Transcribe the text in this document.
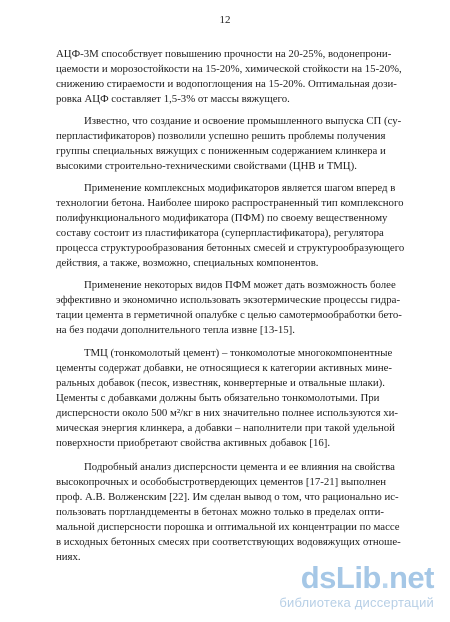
12
АЦФ-3М способствует повышению прочности на 20-25%, водонепрони-
цаемости и морозостойкости на 15-20%, химической стойкости на 15-20%,
снижению стираемости и водопоглощения на 15-20%. Оптимальная дози-
ровка АЦФ составляет 1,5-3% от массы вяжущего.
Известно, что создание и освоение промышленного выпуска СП (су-
перпластификаторов) позволили успешно решить проблемы получения
группы специальных вяжущих с пониженным содержанием клинкера и
высокими строительно-техническими свойствами (ЦНВ и ТМЦ).
Применение комплексных модификаторов является шагом вперед в
технологии бетона. Наиболее широко распространенный тип комплексного
полифункционального модификатора (ПФМ) по своему вещественному
составу состоит из пластификатора (суперпластификатора), регулятора
процесса структурообразования бетонных смесей и структурообразующего
действия, а также, возможно, специальных компонентов.
Применение некоторых видов ПФМ может дать возможность более
эффективно и экономично использовать экзотермические процессы гидра-
тации цемента в герметичной опалубке с целью самотермообработки бето-
на без подачи дополнительного тепла извне [13-15].
ТМЦ (тонкомолотый цемент) – тонкомолотые многокомпонентные
цементы содержат добавки, не относящиеся к категории активных мине-
ральных добавок (песок, известняк, конвертерные и отвальные шлаки).
Цементы с добавками должны быть обязательно тонкомолотыми. При
дисперсности около 500 м²/кг в них значительно полнее используются хи-
мическая энергия клинкера, а добавки – наполнители при такой удельной
поверхности приобретают свойства активных добавок [16].
Подробный анализ дисперсности цемента и ее влияния на свойства
высокопрочных и особобыстротвердеющих цементов [17-21] выполнен
проф. А.В. Волженским [22]. Им сделан вывод о том, что рационально ис-
пользовать портландцементы в бетонах можно только в пределах опти-
мальной дисперсности порошка и оптимальной их концентрации по массе
в исходных бетонных смесях при соответствующих водовяжущих отноше-
ниях.
dsLib.net
библиотека диссертаций
